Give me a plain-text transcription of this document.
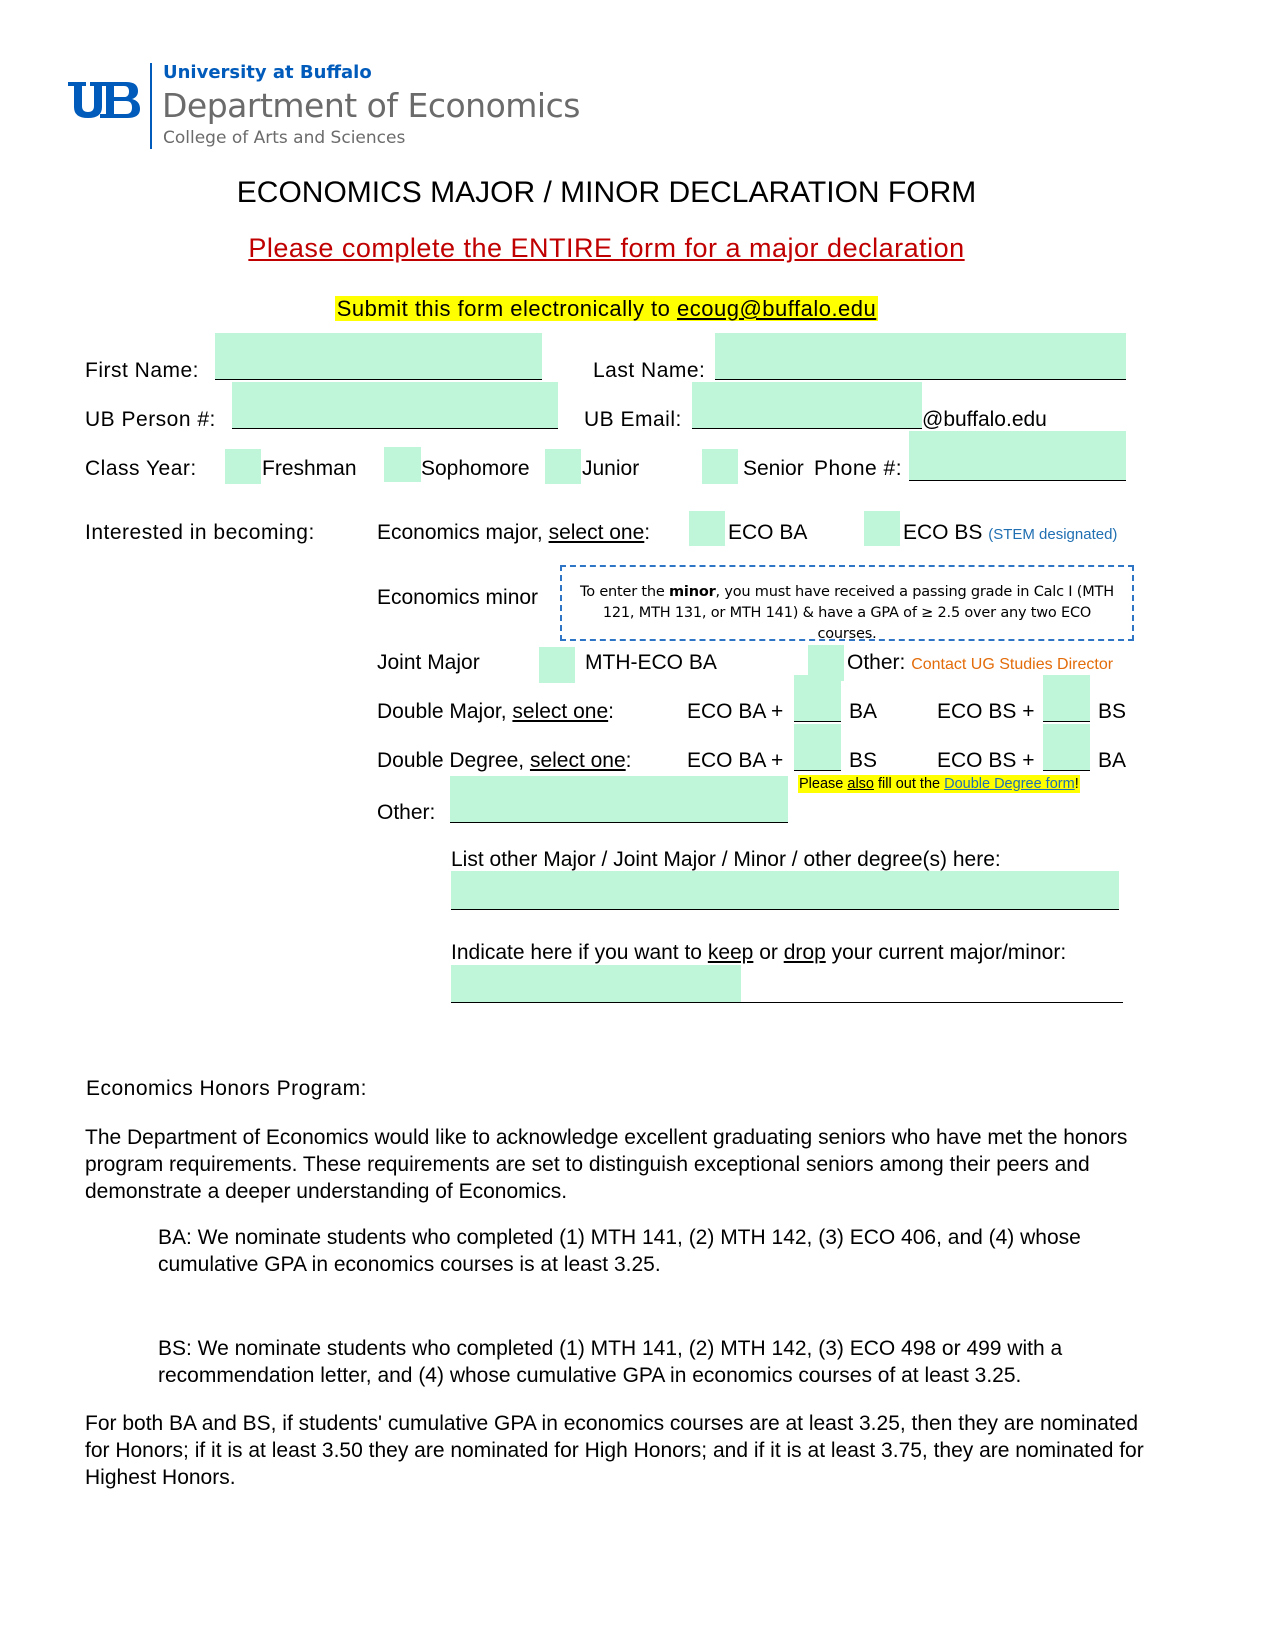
University at Buffalo
Department of Economics
College of Arts and Sciences
ECONOMICS MAJOR / MINOR DECLARATION FORM
Please complete the ENTIRE form for a major declaration
Submit this form electronically to ecoug@buffalo.edu
First Name:	Last Name:
UB Person #:	UB Email:	@buffalo.edu
Class Year:	Freshman	Sophomore Junior	Senior Phone #:
Interested in becoming:	Economics major, select one:	ECO BA	ECO BS (STEM designated)
Economics minor	To enter the minor, you must have received a passing grade in Calc I (MTH 121, MTH 131, or MTH 141) & have a GPA of ≥ 2.5 over any two ECO courses.
Joint Major	MTH-ECO BA	Other: Contact UG Studies Director
Double Major, select one:	ECO BA +	BA	ECO BS +	BS
Double Degree, select one:	ECO BA +	BS	ECO BS +	BA
Please also fill out the Double Degree form!
Other:
List other Major / Joint Major / Minor / other degree(s) here:
Indicate here if you want to keep or drop your current major/minor:
Economics Honors Program:
The Department of Economics would like to acknowledge excellent graduating seniors who have met the honors program requirements. These requirements are set to distinguish exceptional seniors among their peers and demonstrate a deeper understanding of Economics.
BA: We nominate students who completed (1) MTH 141, (2) MTH 142, (3) ECO 406, and (4) whose cumulative GPA in economics courses is at least 3.25.
BS: We nominate students who completed (1) MTH 141, (2) MTH 142, (3) ECO 498 or 499 with a recommendation letter, and (4) whose cumulative GPA in economics courses of at least 3.25.
For both BA and BS, if students' cumulative GPA in economics courses are at least 3.25, then they are nominated for Honors; if it is at least 3.50 they are nominated for High Honors; and if it is at least 3.75, they are nominated for Highest Honors.
